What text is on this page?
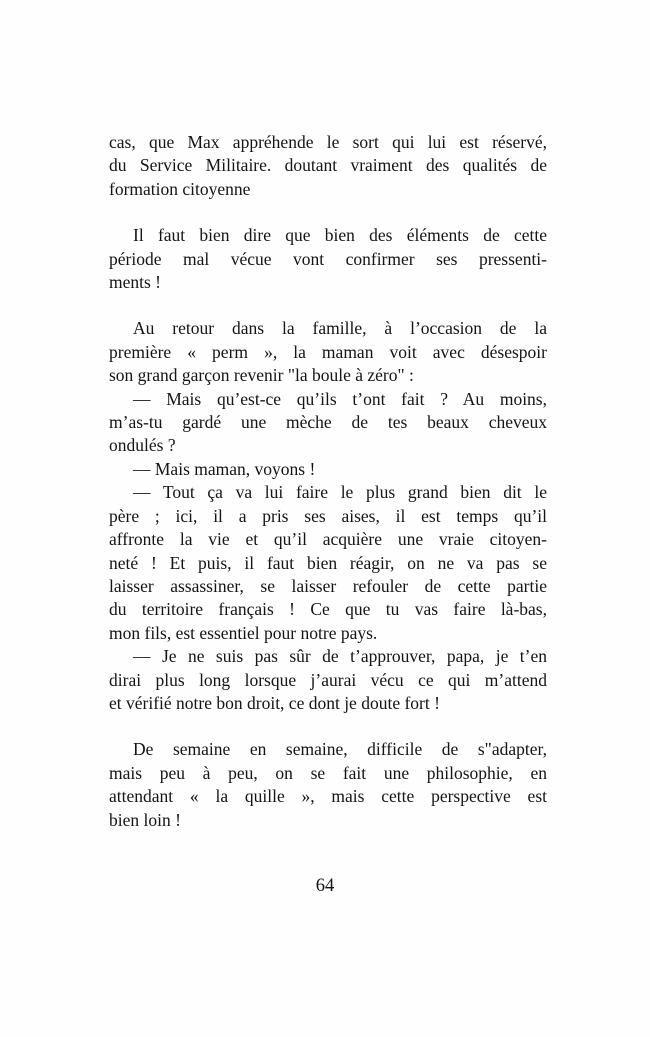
cas, que Max appréhende le sort qui lui est réservé,
du Service Militaire. doutant vraiment des qualités de
formation citoyenne
Il faut bien dire que bien des éléments de cette
période mal vécue vont confirmer ses pressenti-
ments !
Au retour dans la famille, à l’occasion de la
première « perm », la maman voit avec désespoir
son grand garçon revenir "la boule à zéro" :
— Mais qu’est-ce qu’ils t’ont fait ? Au moins,
m’as-tu gardé une mèche de tes beaux cheveux
ondulés ?
— Mais maman, voyons !
— Tout ça va lui faire le plus grand bien dit le
père ; ici, il a pris ses aises, il est temps qu’il
affronte la vie et qu’il acquière une vraie citoyen-
neté ! Et puis, il faut bien réagir, on ne va pas se
laisser assassiner, se laisser refouler de cette partie
du territoire français ! Ce que tu vas faire là-bas,
mon fils, est essentiel pour notre pays.
— Je ne suis pas sûr de t’approuver, papa, je t’en
dirai plus long lorsque j’aurai vécu ce qui m’attend
et vérifié notre bon droit, ce dont je doute fort !
De semaine en semaine, difficile de s"adapter,
mais peu à peu, on se fait une philosophie, en
attendant « la quille », mais cette perspective est
bien loin !
64
